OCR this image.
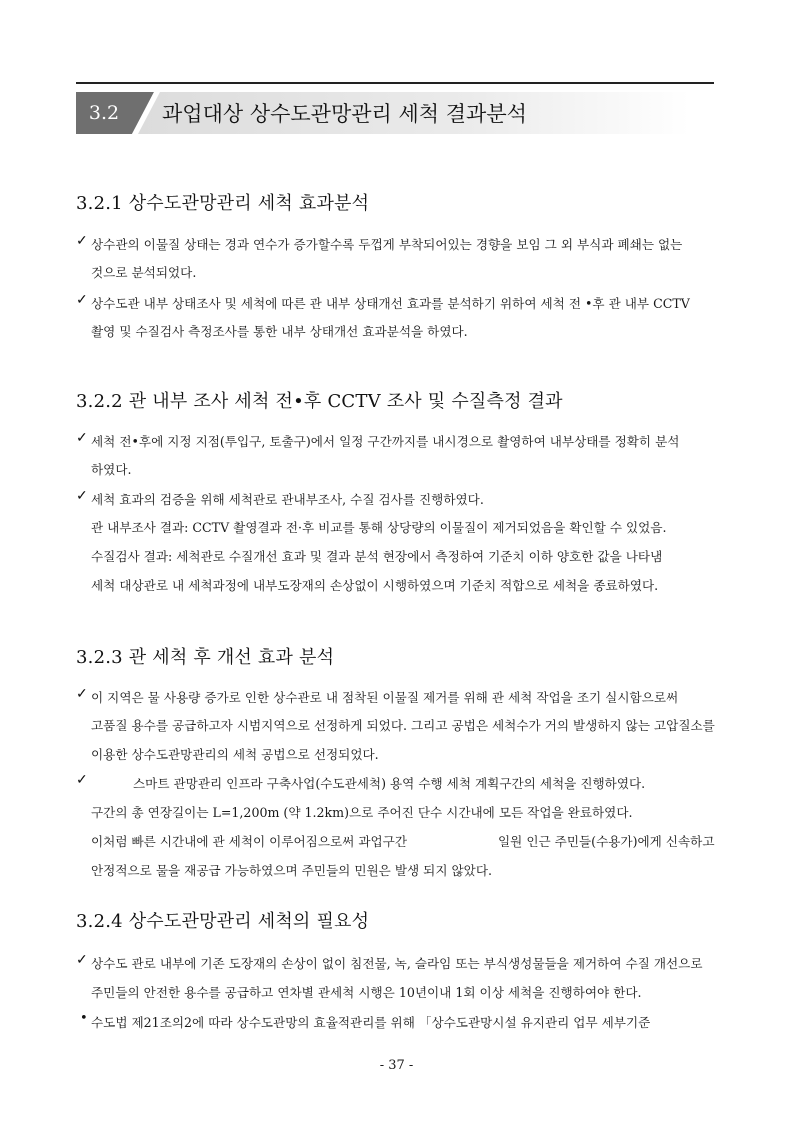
3.2	과업대상 상수도관망관리 세척 결과분석
3.2.1 상수도관망관리 세척 효과분석
✓ 상수관의 이물질 상태는 경과 연수가 증가할수록 두껍게 부착되어있는 경향을 보임 그 외 부식과 폐쇄는 없는
것으로 분석되었다.
✓ 상수도관 내부 상태조사 및 세척에 따른 관 내부 상태개선 효과를 분석하기 위하여 세척 전 •후 관 내부 CCTV
촬영 및 수질검사 측정조사를 통한 내부 상태개선 효과분석을 하였다.
3.2.2 관 내부 조사 세척 전•후 CCTV 조사 및 수질측정 결과
✓ 세척 전•후에 지정 지점(투입구, 토출구)에서 일정 구간까지를 내시경으로 촬영하여 내부상태를 정확히 분석
하였다.
✓ 세척 효과의 검증을 위해 세척관로 관내부조사, 수질 검사를 진행하였다.
관 내부조사 결과: CCTV 촬영결과 전·후 비교를 통해 상당량의 이물질이 제거되었음을 확인할 수 있었음.
수질검사 결과: 세척관로 수질개선 효과 및 결과 분석 현장에서 측정하여 기준치 이하 양호한 값을 나타냄
세척 대상관로 내 세척과정에 내부도장재의 손상없이 시행하였으며 기준치 적합으로 세척을 종료하였다.
3.2.3 관 세척 후 개선 효과 분석
✓ 이 지역은 물 사용량 증가로 인한 상수관로 내 점착된 이물질 제거를 위해 관 세척 작업을 조기 실시함으로써
고품질 용수를 공급하고자 시범지역으로 선정하게 되었다. 그리고 공법은 세척수가 거의 발생하지 않는 고압질소를
이용한 상수도관망관리의 세척 공법으로 선정되었다.
✓	스마트 관망관리 인프라 구축사업(수도관세척) 용역 수행 세척 계획구간의 세척을 진행하였다.
구간의 총 연장길이는 L=1,200m (약 1.2km)으로 주어진 단수 시간내에 모든 작업을 완료하였다.
이처럼 빠른 시간내에 관 세척이 이루어짐으로써 과업구간	일원 인근 주민들(수용가)에게 신속하고
안정적으로 물을 재공급 가능하였으며 주민들의 민원은 발생 되지 않았다.
3.2.4 상수도관망관리 세척의 필요성
✓ 상수도 관로 내부에 기존 도장재의 손상이 없이 침전물, 녹, 슬라임 또는 부식생성물들을 제거하여 수질 개선으로
주민들의 안전한 용수를 공급하고 연차별 관세척 시행은 10년이내 1회 이상 세척을 진행하여야 한다.
• 수도법 제21조의2에 따라 상수도관망의 효율적관리를 위해 「상수도관망시설 유지관리 업무 세부기준
- 37 -
